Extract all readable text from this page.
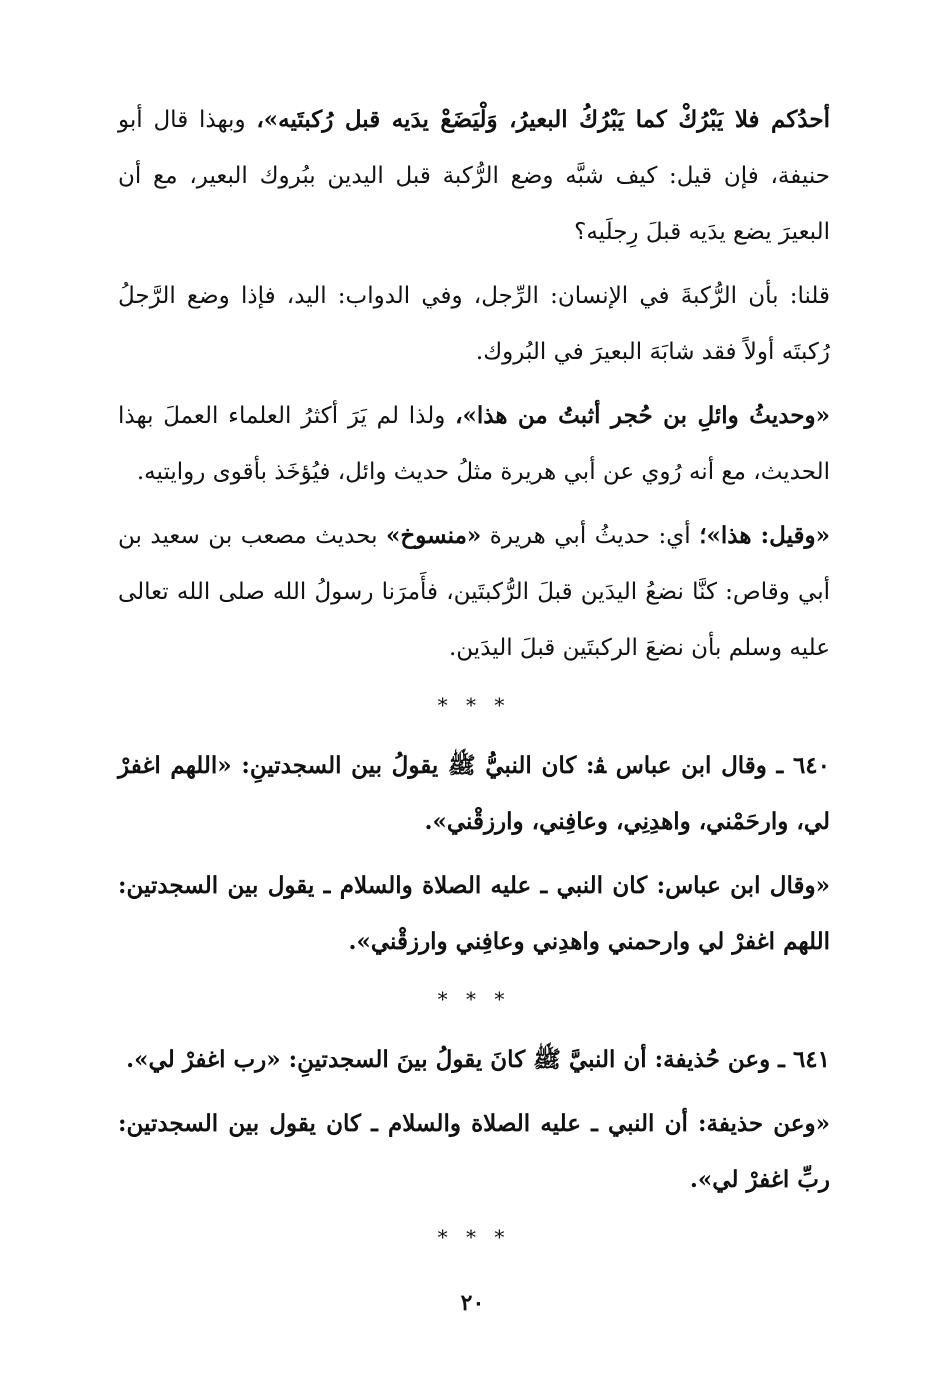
أحدُكم فلا يَبْرُكْ كما يَبْرُكُ البعيرُ، وَلْيَضَعْ يدَيه قبل رُكبتَيه»، وبهذا قال أبو حنيفة، فإن قيل: كيف شبَّه وضع الرُّكبة قبل اليدين ببُروك البعير، مع أن البعيرَ يضع يدَيه قبلَ رِجلَيه؟

قلنا: بأن الرُّكبةَ في الإنسان: الرِّجل، وفي الدواب: اليد، فإذا وضع الرَّجلُ رُكبتَه أولاً فقد شابَهَ البعيرَ في البُروك.

«وحديثُ وائلِ بن حُجر أثبتُ من هذا»، ولذا لم يَرَ أكثرُ العلماء العملَ بهذا الحديث، مع أنه رُوي عن أبي هريرة مثلُ حديث وائل، فيُؤخَذ بأقوى روايتيه.

«وقيل: هذا»؛ أي: حديثُ أبي هريرة «منسوخ» بحديث مصعب بن سعيد بن أبي وقاص: كنَّا نضعُ اليدَين قبلَ الرُّكبتَين، فأَمرَنا رسولُ الله صلى الله تعالى عليه وسلم بأن نضعَ الركبتَين قبلَ اليدَين.

* * *

٦٤٠ ـ وقال ابن عباس ﭭ: كان النبيُّ ﷺ يقولُ بين السجدتينِ: «اللهم اغفرْ لي، وارحَمْني، واهدِنِي، وعافِني، وارزقْني».

«وقال ابن عباس: كان النبي ـ عليه الصلاة والسلام ـ يقول بين السجدتين: اللهم اغفرْ لي وارحمني واهدِني وعافِني وارزقْني».

* * *

٦٤١ ـ وعن حُذيفة: أن النبيَّ ﷺ كانَ يقولُ بينَ السجدتينِ: «رب اغفرْ لي».

«وعن حذيفة: أن النبي ـ عليه الصلاة والسلام ـ كان يقول بين السجدتين: ربِّ اغفرْ لي».

* * *
٢٠
